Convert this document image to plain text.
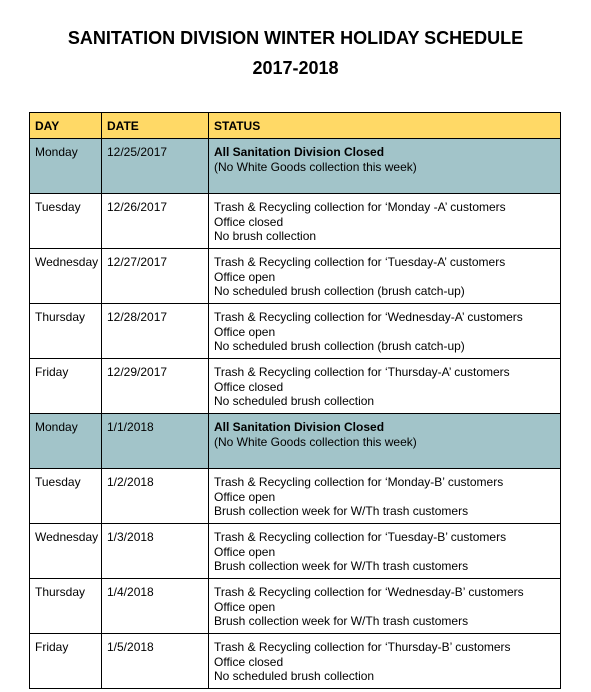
SANITATION DIVISION WINTER HOLIDAY SCHEDULE
2017-2018
DAY	DATE	STATUS
Monday	12/25/2017	All Sanitation Division Closed
(No White Goods collection this week)

Tuesday	12/26/2017	Trash & Recycling collection for ‘Monday -A’ customers
Office closed
No brush collection

Wednesday	12/27/2017	Trash & Recycling collection for ‘Tuesday-A’ customers
Office open
No scheduled brush collection (brush catch-up)

Thursday	12/28/2017	Trash & Recycling collection for ‘Wednesday-A’ customers
Office open
No scheduled brush collection (brush catch-up)

Friday	12/29/2017	Trash & Recycling collection for ‘Thursday-A’ customers
Office closed
No scheduled brush collection

Monday	1/1/2018	All Sanitation Division Closed
(No White Goods collection this week)

Tuesday	1/2/2018	Trash & Recycling collection for ‘Monday-B’ customers
Office open
Brush collection week for W/Th trash customers

Wednesday	1/3/2018	Trash & Recycling collection for ‘Tuesday-B’ customers
Office open
Brush collection week for W/Th trash customers

Thursday	1/4/2018	Trash & Recycling collection for ‘Wednesday-B’ customers
Office open
Brush collection week for W/Th trash customers

Friday	1/5/2018	Trash & Recycling collection for ‘Thursday-B’ customers
Office closed
No scheduled brush collection
